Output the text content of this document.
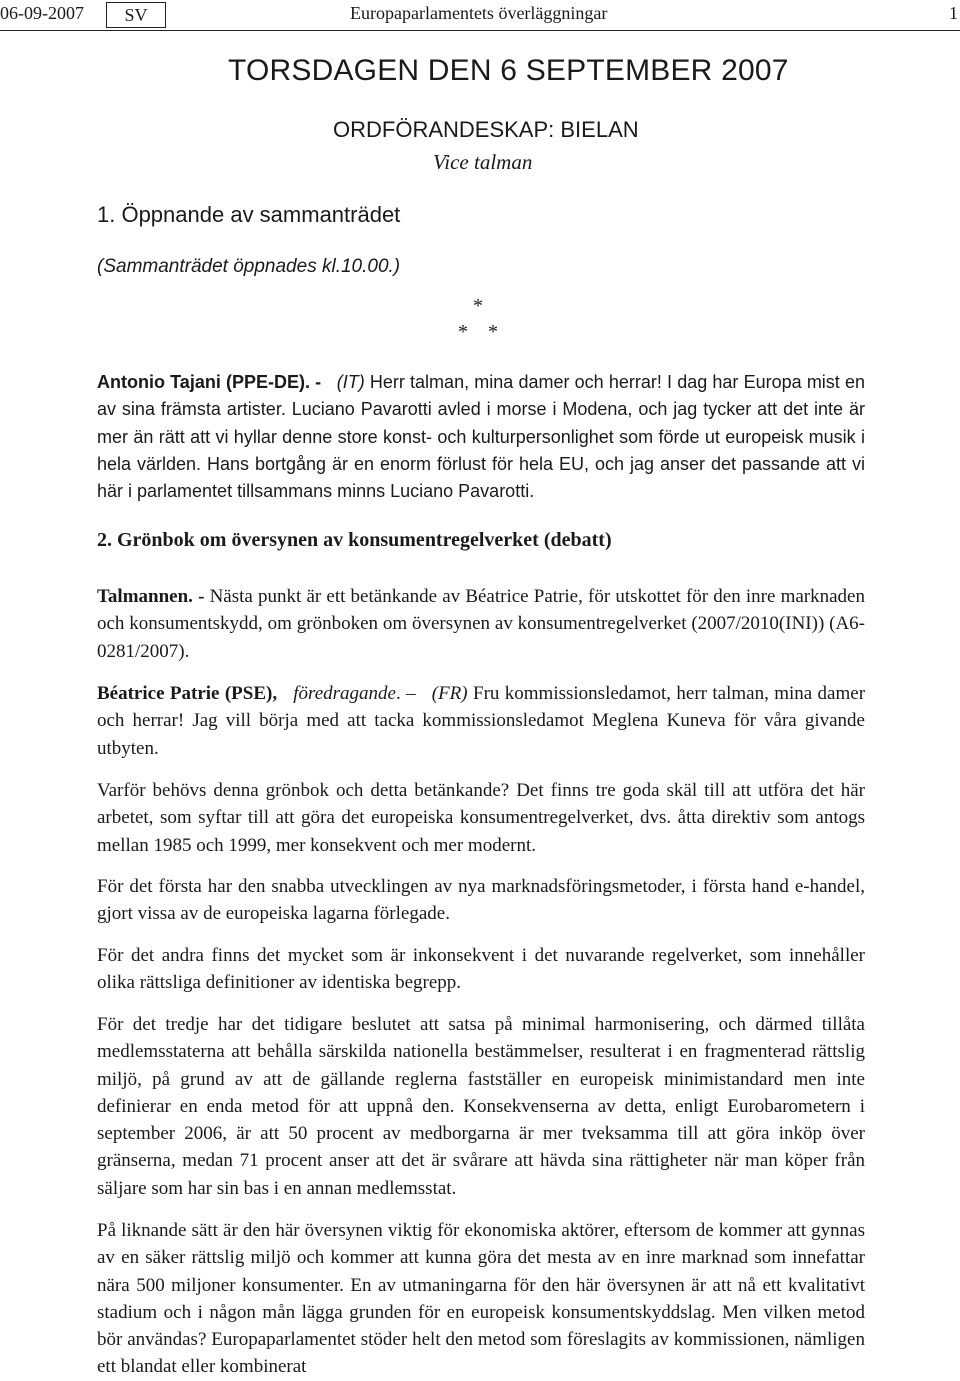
06-09-2007	SV	Europaparlamentets överläggningar	1
TORSDAGEN DEN 6 SEPTEMBER 2007
ORDFÖRANDESKAP: BIELAN
Vice talman
1. Öppnande av sammanträdet
(Sammanträdet öppnades kl.10.00.)
*
*    *
Antonio Tajani (PPE-DE). - (IT) Herr talman, mina damer och herrar! I dag har Europa mist en av sina främsta artister. Luciano Pavarotti avled i morse i Modena, och jag tycker att det inte är mer än rätt att vi hyllar denne store konst- och kulturpersonlighet som förde ut europeisk musik i hela världen. Hans bortgång är en enorm förlust för hela EU, och jag anser det passande att vi här i parlamentet tillsammans minns Luciano Pavarotti.
2. Grönbok om översynen av konsumentregelverket (debatt)
Talmannen. - Nästa punkt är ett betänkande av Béatrice Patrie, för utskottet för den inre marknaden och konsumentskydd, om grönboken om översynen av konsumentregelverket (2007/2010(INI)) (A6-0281/2007).
Béatrice Patrie (PSE), föredragande. – (FR) Fru kommissionsledamot, herr talman, mina damer och herrar! Jag vill börja med att tacka kommissionsledamot Meglena Kuneva för våra givande utbyten.
Varför behövs denna grönbok och detta betänkande? Det finns tre goda skäl till att utföra det här arbetet, som syftar till att göra det europeiska konsumentregelverket, dvs. åtta direktiv som antogs mellan 1985 och 1999, mer konsekvent och mer modernt.
För det första har den snabba utvecklingen av nya marknadsföringsmetoder, i första hand e-handel, gjort vissa av de europeiska lagarna förlegade.
För det andra finns det mycket som är inkonsekvent i det nuvarande regelverket, som innehåller olika rättsliga definitioner av identiska begrepp.
För det tredje har det tidigare beslutet att satsa på minimal harmonisering, och därmed tillåta medlemsstaterna att behålla särskilda nationella bestämmelser, resulterat i en fragmenterad rättslig miljö, på grund av att de gällande reglerna fastställer en europeisk minimistandard men inte definierar en enda metod för att uppnå den. Konsekvenserna av detta, enligt Eurobarometern i september 2006, är att 50 procent av medborgarna är mer tveksamma till att göra inköp över gränserna, medan 71 procent anser att det är svårare att hävda sina rättigheter när man köper från säljare som har sin bas i en annan medlemsstat.
På liknande sätt är den här översynen viktig för ekonomiska aktörer, eftersom de kommer att gynnas av en säker rättslig miljö och kommer att kunna göra det mesta av en inre marknad som innefattar nära 500 miljoner konsumenter. En av utmaningarna för den här översynen är att nå ett kvalitativt stadium och i någon mån lägga grunden för en europeisk konsumentskyddslag. Men vilken metod bör användas? Europaparlamentet stöder helt den metod som föreslagits av kommissionen, nämligen ett blandat eller kombinerat
